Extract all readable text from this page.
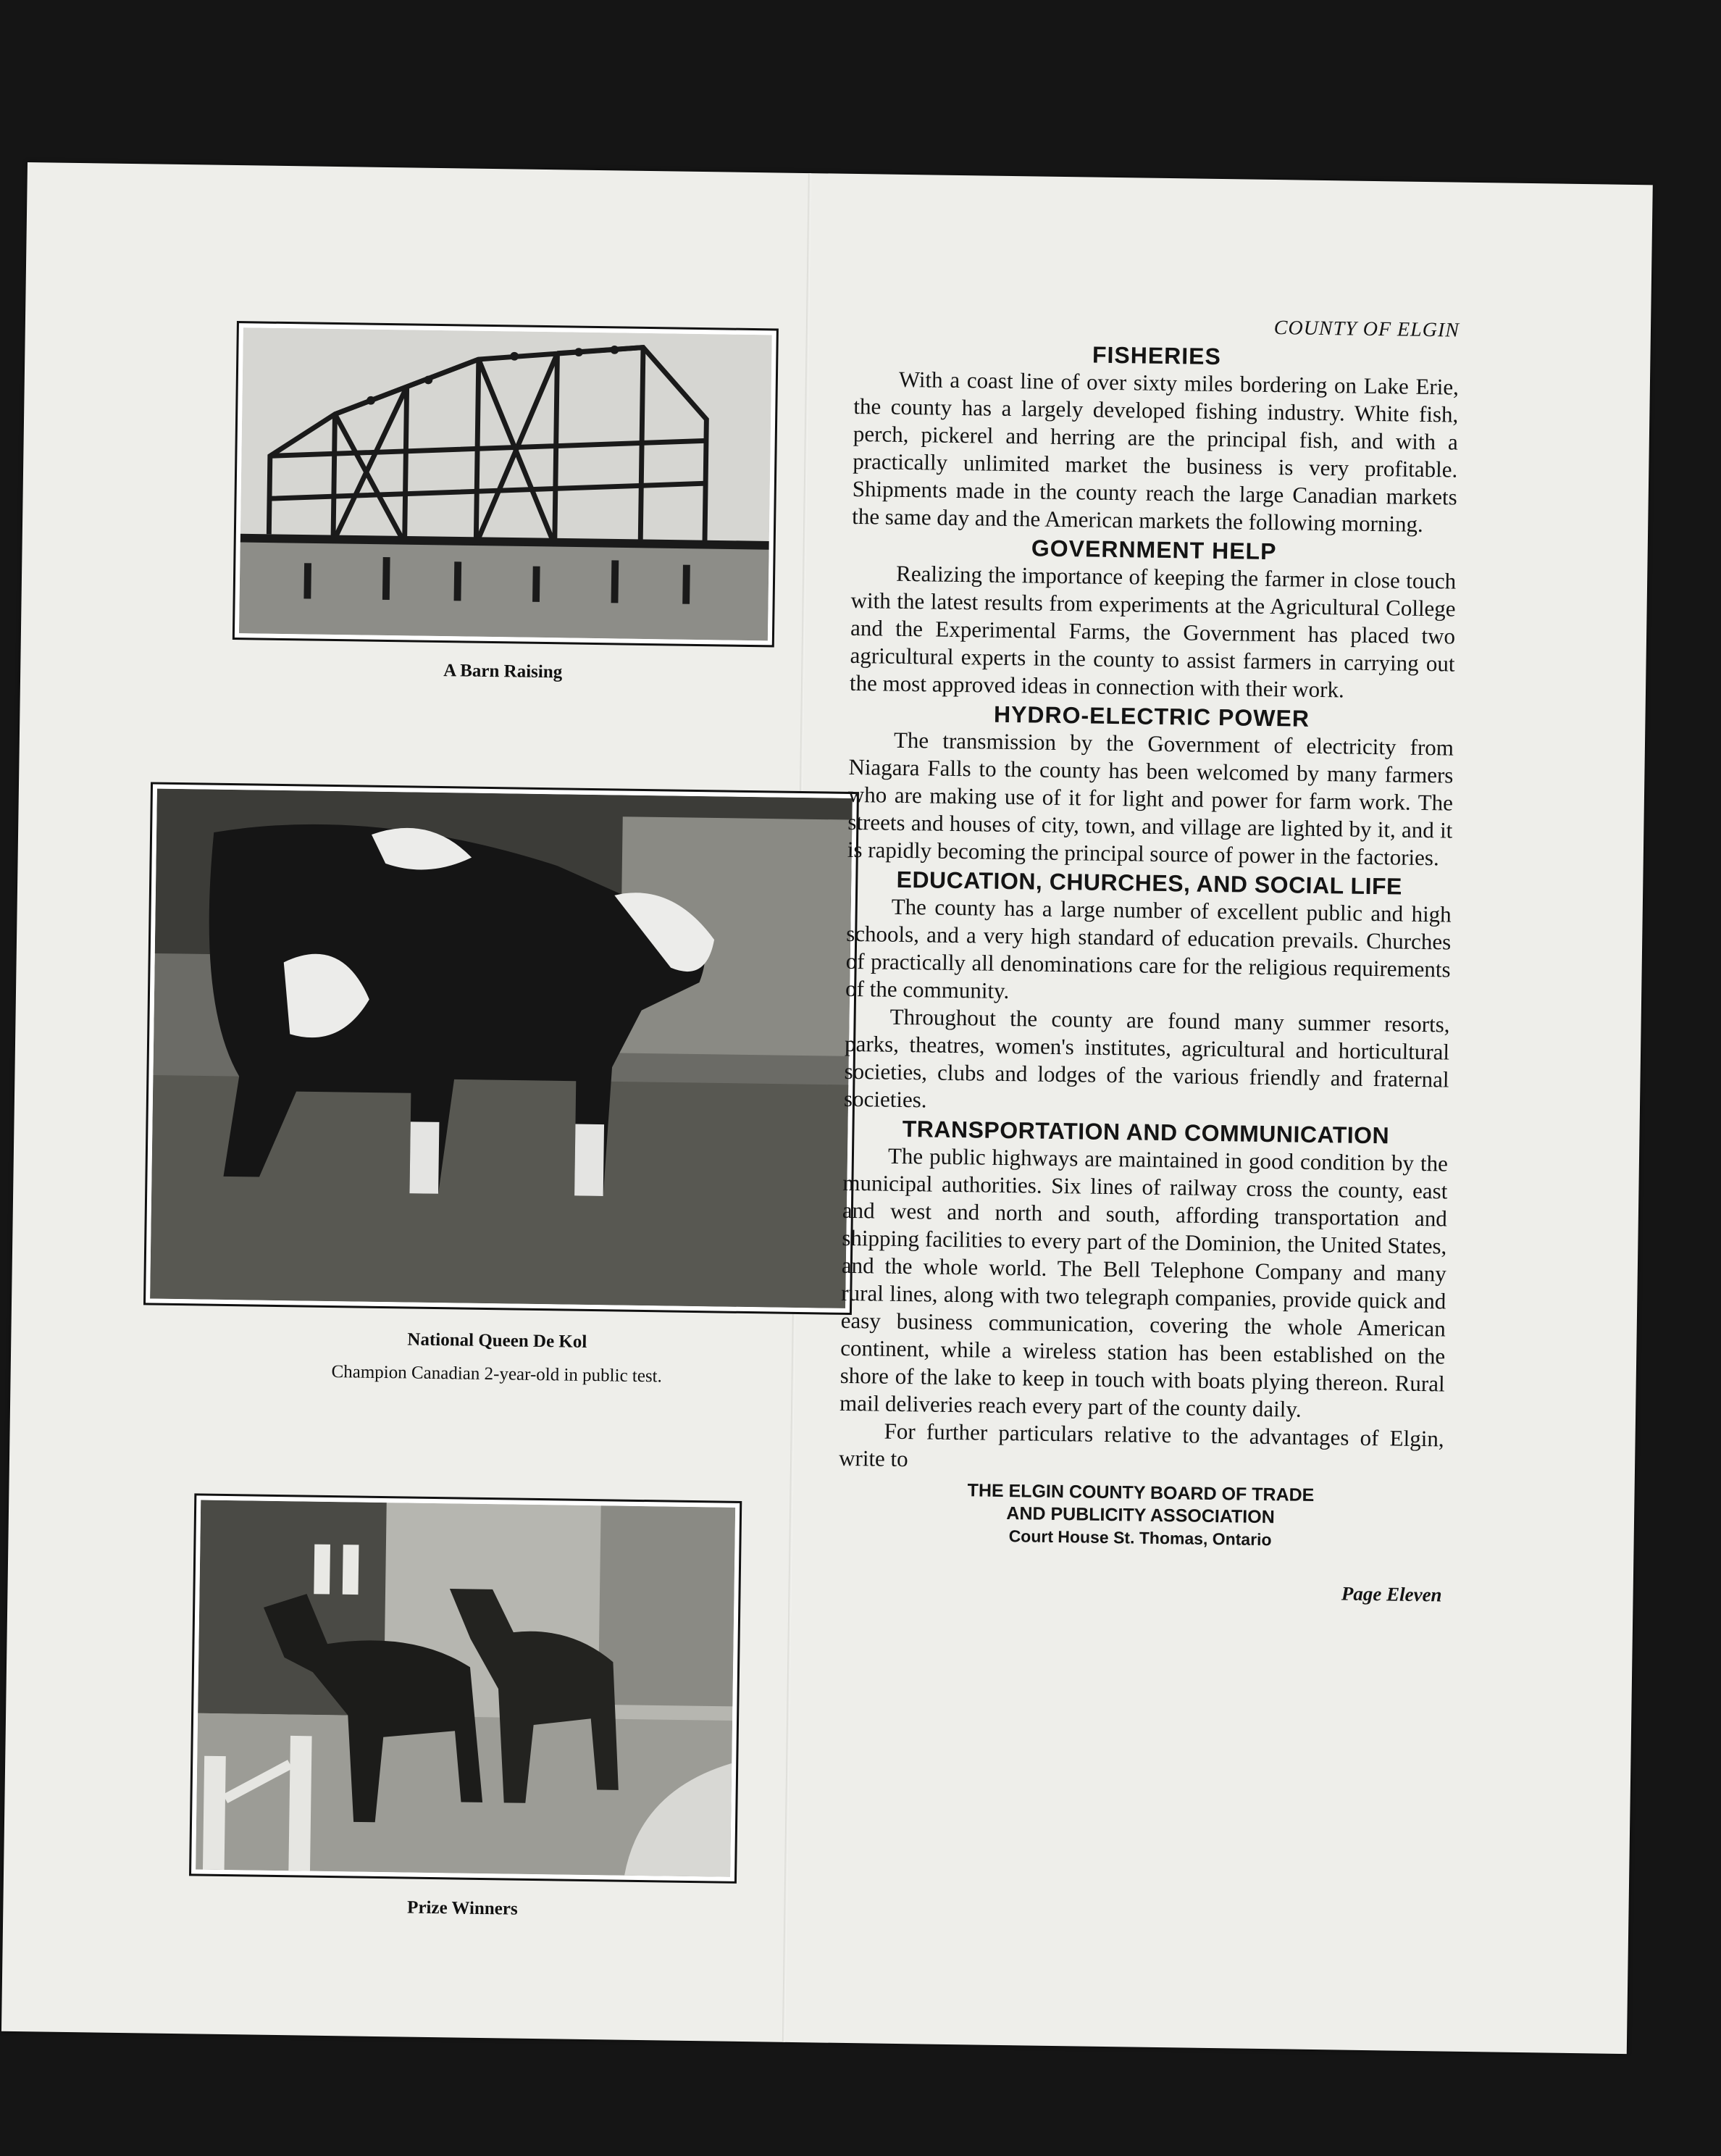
A Barn Raising
National Queen De Kol
Champion Canadian 2-year-old in public test.
Prize Winners
COUNTY OF ELGIN
FISHERIES

With a coast line of over sixty miles bordering on Lake Erie, the county has a largely developed fishing industry. White fish, perch, pickerel and herring are the principal fish, and with a practically unlimited market the business is very profitable. Shipments made in the county reach the large Canadian markets the same day and the American markets the following morning.

GOVERNMENT HELP

Realizing the importance of keeping the farmer in close touch with the latest results from experiments at the Agricultural College and the Experimental Farms, the Government has placed two agricultural experts in the county to assist farmers in carrying out the most approved ideas in connection with their work.

HYDRO-ELECTRIC POWER

The transmission by the Government of electricity from Niagara Falls to the county has been welcomed by many farmers who are making use of it for light and power for farm work. The streets and houses of city, town, and village are lighted by it, and it is rapidly becoming the principal source of power in the factories.

EDUCATION, CHURCHES, AND SOCIAL LIFE

The county has a large number of excellent public and high schools, and a very high standard of education prevails. Churches of practically all denominations care for the religious requirements of the community.

Throughout the county are found many summer resorts, parks, theatres, women's institutes, agricultural and horticultural societies, clubs and lodges of the various friendly and fraternal societies.

TRANSPORTATION AND COMMUNICATION

The public highways are maintained in good condition by the municipal authorities. Six lines of railway cross the county, east and west and north and south, affording transportation and shipping facilities to every part of the Dominion, the United States, and the whole world. The Bell Telephone Company and many rural lines, along with two telegraph companies, provide quick and easy business communication, covering the whole American continent, while a wireless station has been established on the shore of the lake to keep in touch with boats plying thereon. Rural mail deliveries reach every part of the county daily.

For further particulars relative to the advantages of Elgin, write to

THE ELGIN COUNTY BOARD OF TRADE
AND PUBLICITY ASSOCIATION
Court House St. Thomas, Ontario
Page Eleven
